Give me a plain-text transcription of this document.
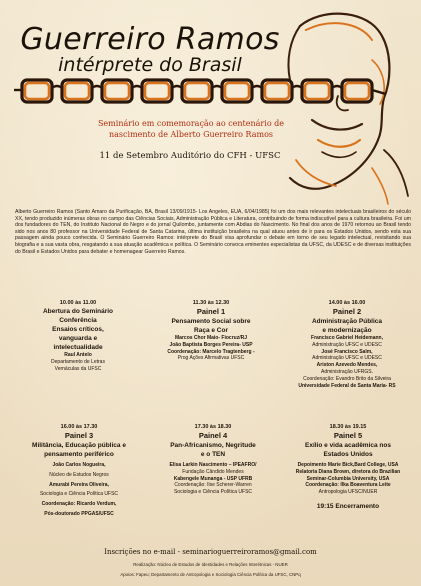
Guerreiro Ramos
intérprete do Brasil
Seminário em comemoração ao centenário de
nascimento de Alberto Guerreiro Ramos
11 de Setembro Auditório do CFH - UFSC
Alberto Guerreiro Ramos (Santo Amaro da Purificação, BA, Brasil 13/09/1915- Los Angeles, EUA, 6/04/1985) foi um dos mais relevantes intelectuais brasileiros do século XX, tendo produzido inúmeras obras no campo das Ciências Sociais, Administração Pública e Literatura, contribuindo de forma indiscutível para a cultura brasileira. Foi um dos fundadores do TEN, do Instituto Nacional do Negro e do jornal Quilombo, juntamente com Abdias do Nascimento. No final dos anos de 1970 retornou ao Brasil tendo sido nos anos 80 professor na Universidade Federal de Santa Catarina, última instituição brasileira na qual atuou antes de ir para os Estados Unidos, sendo esta sua passagem ainda pouco conhecida. O Seminário Guerreiro Ramos: intérprete do Brasil visa aprofundar o debate em torno de seu legado intelectual, revisitando sua biografia e a sua vasta obra, resgatando a sua atuação acadêmica e política. O Seminário convoca eminentes especialistas da UFSC, da UDESC e de diversas instituições do Brasil e Estados Unidos para debater e homenagear Guerreiro Ramos.
10.00 às 11.00
Abertura do Seminário
Conferência
Ensaios críticos,
vanguarda e
intelectualidade
Raul Antelo
Departamento de Letras
Vernáculas da UFSC
11.30 às 12.30
Painel 1
Pensamento Social sobre
Raça e Cor
Marcos Chor Maio- Fiocruz/RJ
João Baptista Borges Pereira- USP
Coordenação: Marcelo Tragtenberg -
Prog Ações Afirmativas UFSC
14.00 às 16.00
Painel 2
Administração Pública
e modernização
Francisco Gabriel Heidemann,
Administração UFSC e UDESC
José Francisco Salm,
Administração UFSC e UDESC
Ariston Azevedo Mendes,
Administração UFRGS.
Coordenação: Evandro Brito da Silveira
Universidade Federal de Santa Maria- RS
16.00 às 17.30
Painel 3
Militância, Educação pública e
pensamento periférico
João Carlos Nogueira,
Núcleo de Estudos Negros
Amurabi Pereira Oliveira,
Sociologia e Ciência Política UFSC
Coordenação: Ricardo Verdum,
Pós-doutorado PPGAS/UFSC
17.30 às 18.30
Painel 4
Pan-Africanismo, Negritude
e o TEN
Elisa Larkin Nascimento – IPEAFRO/
Fundação Cândido Mendes
Kabengele Munanga - USP UFRB
Coordenação: Ilse Scherer-Warren
Sociologia e Ciência Política UFSC
18.30 às 19.15
Painel 5
Exílio e vida acadêmica nos
Estados Unidos
Depoimento Marie Bick,Bard College, USA
Relatoria Diana Brown, diretora do Brazilian
Seminar-Columbia University, USA
Coordenação: Ilka Boaventura Leite
Antropologia UFSC/NUER
19:15 Encerramento
Inscrições no e-mail - seminarioguerreiroramos@gmail.com
Realização: Núcleo de Estudos de Identidades e Relações Interétnicas - NUER
Apoios: Fapeu; Departamento de Antropologia e Sociologia Ciência Política da UFSC, CNPq
